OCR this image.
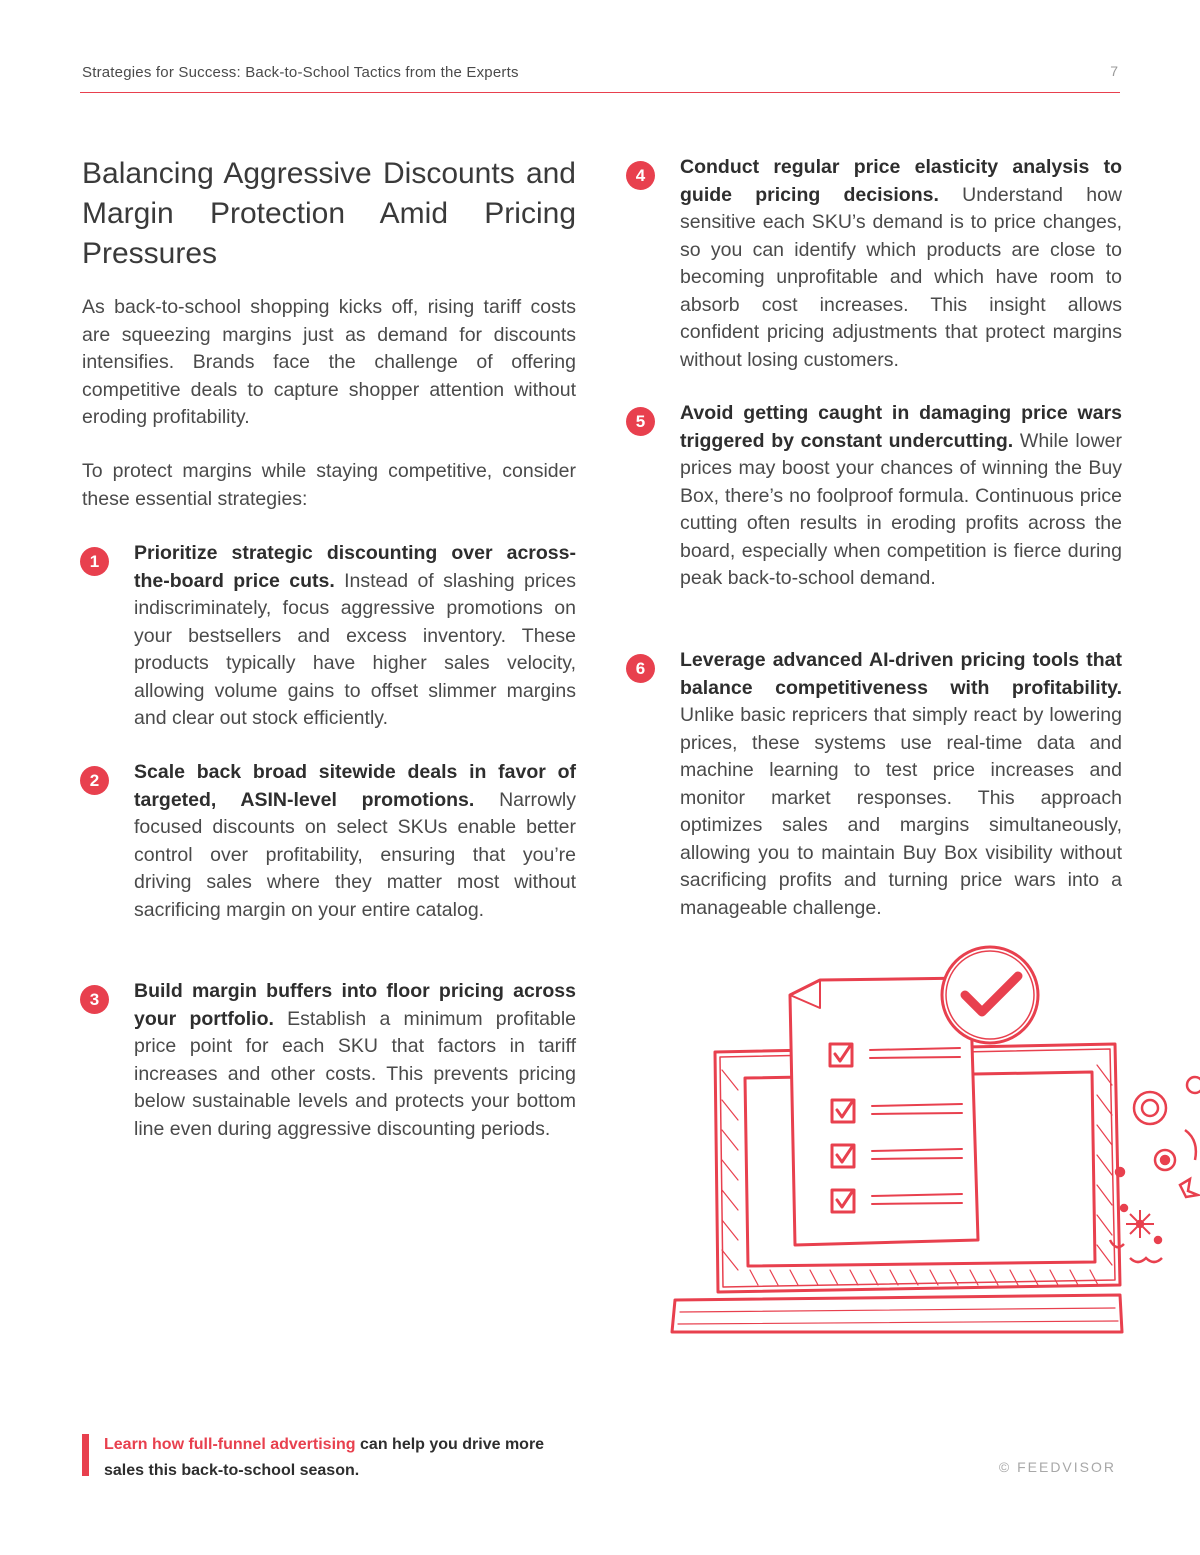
Strategies for Success: Back-to-School Tactics from the Experts	7
Balancing Aggressive Discounts and Margin Protection Amid Pricing Pressures

As back-to-school shopping kicks off, rising tariff costs are squeezing margins just as demand for discounts intensifies. Brands face the challenge of offering competitive deals to capture shopper attention without eroding profitability.

To protect margins while staying competitive, consider these essential strategies:

1	Prioritize strategic discounting over across-the-board price cuts. Instead of slashing prices indiscriminately, focus aggressive promotions on your bestsellers and excess inventory. These products typically have higher sales velocity, allowing volume gains to offset slimmer margins and clear out stock efficiently.

2	Scale back broad sitewide deals in favor of targeted, ASIN-level promotions. Narrowly focused discounts on select SKUs enable better control over profitability, ensuring that you’re driving sales where they matter most without sacrificing margin on your entire catalog.

3	Build margin buffers into floor pricing across your portfolio. Establish a minimum profitable price point for each SKU that factors in tariff increases and other costs. This prevents pricing below sustainable levels and protects your bottom line even during aggressive discounting periods.

4	Conduct regular price elasticity analysis to guide pricing decisions. Understand how sensitive each SKU’s demand is to price changes, so you can identify which products are close to becoming unprofitable and which have room to absorb cost increases. This insight allows confident pricing adjustments that protect margins without losing customers.

5	Avoid getting caught in damaging price wars triggered by constant undercutting. While lower prices may boost your chances of winning the Buy Box, there’s no foolproof formula. Continuous price cutting often results in eroding profits across the board, especially when competition is fierce during peak back-to-school demand.

6	Leverage advanced AI-driven pricing tools that balance competitiveness with profitability. Unlike basic repricers that simply react by lowering prices, these systems use real-time data and machine learning to test price increases and monitor market responses. This approach optimizes sales and margins simultaneously, allowing you to maintain Buy Box visibility without sacrificing profits and turning price wars into a manageable challenge.

Learn how full-funnel advertising can help you drive more sales this back-to-school season.	© FEEDVISOR
